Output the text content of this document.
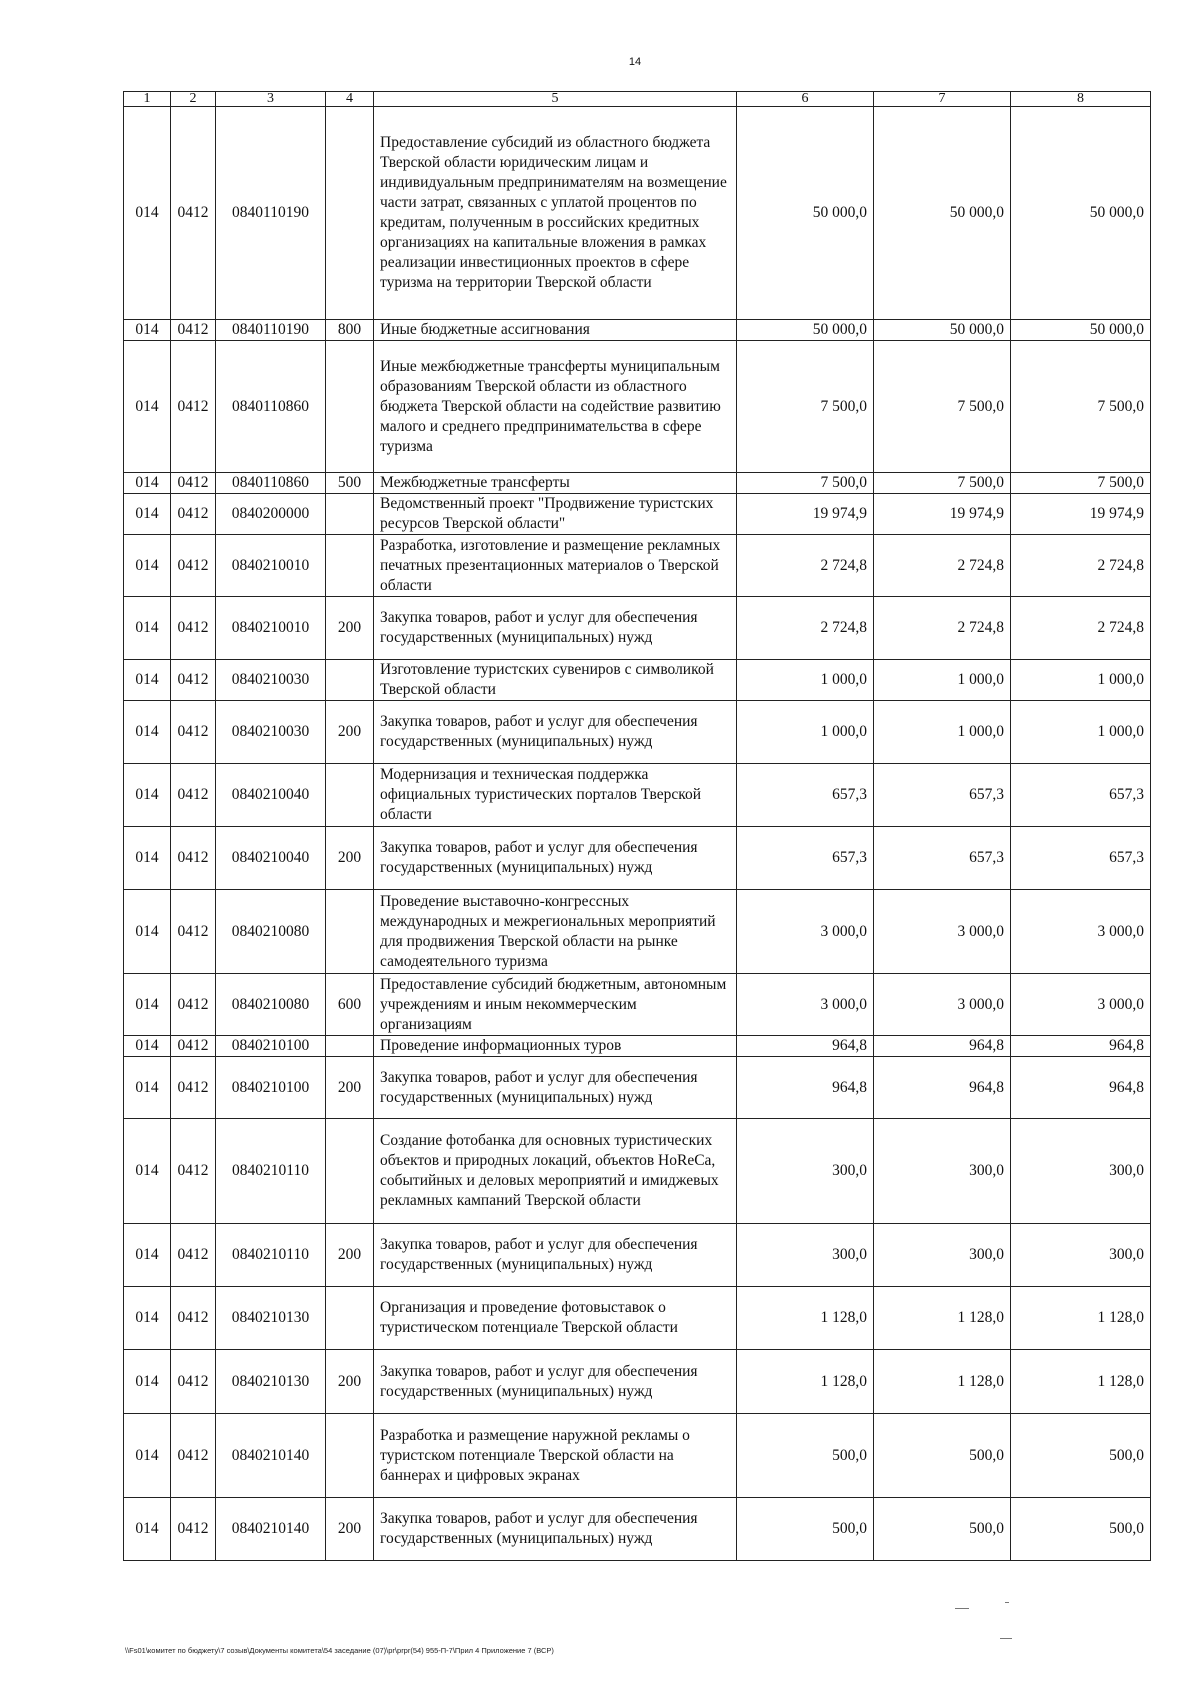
14
1	2	3	4	5	6	7	8
014	0412	0840110190		Предоставление субсидий из областного бюджета Тверской области юридическим лицам и индивидуальным предпринимателям на возмещение части затрат, связанных с уплатой процентов по кредитам, полученным в российских кредитных организациях на капитальные вложения в рамках реализации инвестиционных проектов в сфере туризма на территории Тверской области	50 000,0	50 000,0	50 000,0
014	0412	0840110190	800	Иные бюджетные ассигнования	50 000,0	50 000,0	50 000,0
014	0412	0840110860		Иные межбюджетные трансферты муниципальным образованиям Тверской области из областного бюджета Тверской области на содействие развитию малого и среднего предпринимательства в сфере туризма	7 500,0	7 500,0	7 500,0
014	0412	0840110860	500	Межбюджетные трансферты	7 500,0	7 500,0	7 500,0
014	0412	0840200000		Ведомственный проект "Продвижение туристских ресурсов Тверской области"	19 974,9	19 974,9	19 974,9
014	0412	0840210010		Разработка, изготовление и размещение рекламных печатных презентационных материалов о Тверской области	2 724,8	2 724,8	2 724,8
014	0412	0840210010	200	Закупка товаров, работ и услуг для обеспечения государственных (муниципальных) нужд	2 724,8	2 724,8	2 724,8
014	0412	0840210030		Изготовление туристских сувениров с символикой Тверской области	1 000,0	1 000,0	1 000,0
014	0412	0840210030	200	Закупка товаров, работ и услуг для обеспечения государственных (муниципальных) нужд	1 000,0	1 000,0	1 000,0
014	0412	0840210040		Модернизация и техническая поддержка официальных туристических порталов Тверской области	657,3	657,3	657,3
014	0412	0840210040	200	Закупка товаров, работ и услуг для обеспечения государственных (муниципальных) нужд	657,3	657,3	657,3
014	0412	0840210080		Проведение выставочно-конгрессных международных и межрегиональных мероприятий для продвижения Тверской области на рынке самодеятельного туризма	3 000,0	3 000,0	3 000,0
014	0412	0840210080	600	Предоставление субсидий бюджетным, автономным учреждениям и иным некоммерческим организациям	3 000,0	3 000,0	3 000,0
014	0412	0840210100		Проведение информационных туров	964,8	964,8	964,8
014	0412	0840210100	200	Закупка товаров, работ и услуг для обеспечения государственных (муниципальных) нужд	964,8	964,8	964,8
014	0412	0840210110		Создание фотобанка для основных туристических объектов и природных локаций, объектов HoReCa, событийных и деловых мероприятий и имиджевых рекламных кампаний Тверской области	300,0	300,0	300,0
014	0412	0840210110	200	Закупка товаров, работ и услуг для обеспечения государственных (муниципальных) нужд	300,0	300,0	300,0
014	0412	0840210130		Организация и проведение фотовыставок о туристическом потенциале Тверской области	1 128,0	1 128,0	1 128,0
014	0412	0840210130	200	Закупка товаров, работ и услуг для обеспечения государственных (муниципальных) нужд	1 128,0	1 128,0	1 128,0
014	0412	0840210140		Разработка и размещение наружной рекламы о туристском потенциале Тверской области на баннерах и цифровых экранах	500,0	500,0	500,0
014	0412	0840210140	200	Закупка товаров, работ и услуг для обеспечения государственных (муниципальных) нужд	500,0	500,0	500,0
\\Fs01\комитет по бюджету\7 созыв\Документы комитета\54 заседание (07)\pr\prpr(54) 955-П-7\Прил 4 Приложение 7 (ВСР)
